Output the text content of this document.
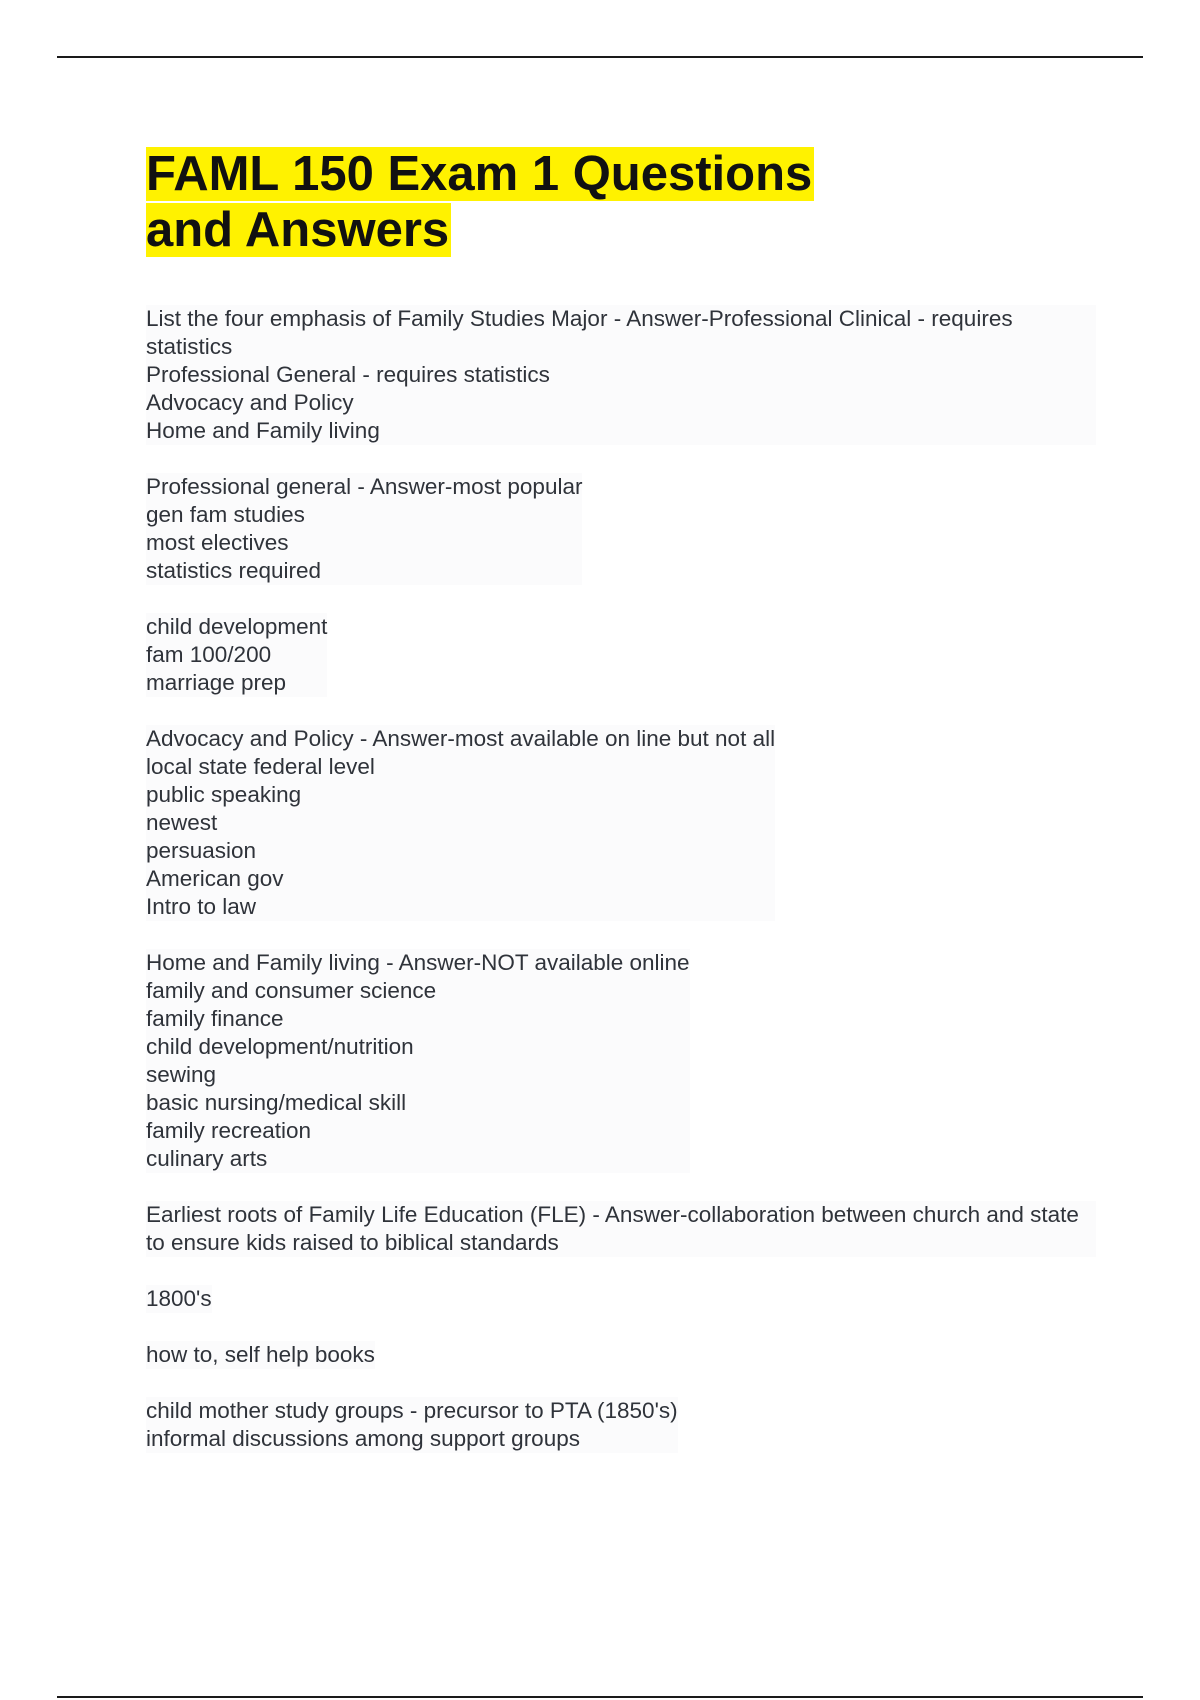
FAML 150 Exam 1 Questions and Answers
List the four emphasis of Family Studies Major - Answer-Professional Clinical - requires statistics
Professional General - requires statistics
Advocacy and Policy
Home and Family living
Professional general - Answer-most popular
gen fam studies
most electives
statistics required
child development
fam 100/200
marriage prep
Advocacy and Policy - Answer-most available on line but not all
local state federal level
public speaking
newest
persuasion
American gov
Intro to law
Home and Family living - Answer-NOT available online
family and consumer science
family finance
child development/nutrition
sewing
basic nursing/medical skill
family recreation
culinary arts
Earliest roots of Family Life Education (FLE) - Answer-collaboration between church and state to ensure kids raised to biblical standards
1800's
how to, self help books
child mother study groups - precursor to PTA (1850's)
informal discussions among support groups
